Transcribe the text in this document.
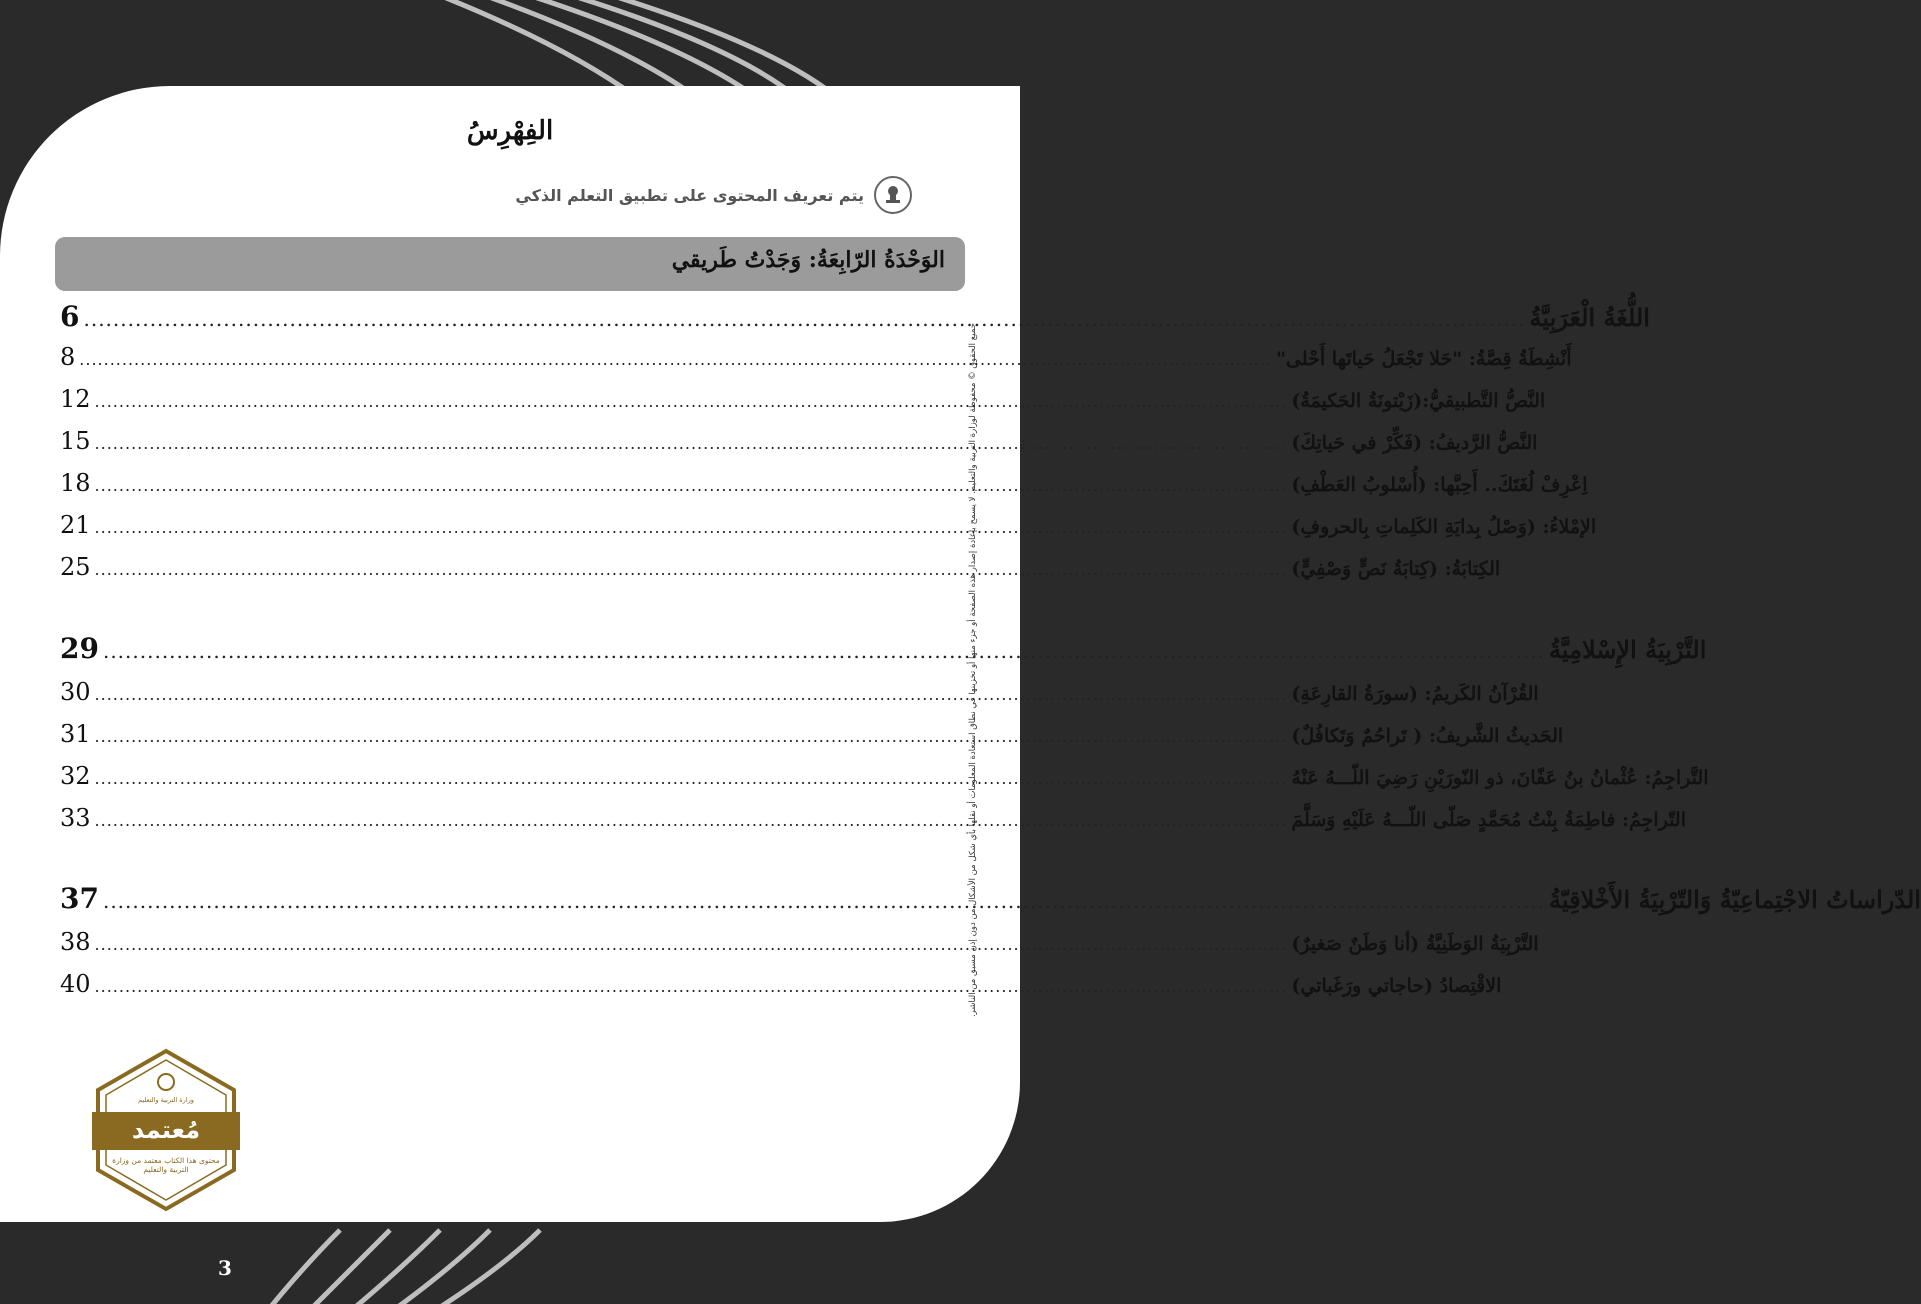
الفِهْرِسُ
يتم تعريف المحتوى على تطبيق التعلم الذكي
الوَحْدَةُ الرّابِعَةُ: وَجَدْتُ طَريقي
6 .................................................................................................................................................................................................... اللُّغَةُ الْعَرَبِيَّةُ
8 .................................................................................................................................................................................................... أَنْشِطَةُ قِصَّةُ: "حَلا تَجْعَلُ حَياتَها أَحْلى"
12 .................................................................................................................................................................................................... النَّصُّ التَّطبيقيُّ:(زَيْتونَةُ الحَكيمَةُ)
15 .................................................................................................................................................................................................... النَّصُّ الرَّديفُ: (فَكِّرْ في حَياتِكَ)
18 .................................................................................................................................................................................................... اِعْرِفْ لُغَتَكَ.. أَحِبَّها: (أُسْلوبُ العَطْفِ)
21 .................................................................................................................................................................................................... الإمْلاءُ: (وَصْلُ بِدايَةِ الكَلِماتِ بِالحروفِ)
25 .................................................................................................................................................................................................... الكِتابَةُ: (كِتابَةُ نَصٍّ وَصْفِيٍّ)
29 .................................................................................................................................................................................................... التَّرْبِيَةُ الإِسْلامِيَّةُ
30 .................................................................................................................................................................................................... القُرْآنُ الكَريمُ: (سورَةُ القارِعَةِ)
31 .................................................................................................................................................................................................... الحَديثُ الشَّريفُ: ( تَراحُمٌ وَتَكافُلٌ)
32 .................................................................................................................................................................................................... التَّراجِمُ: عُثْمانُ بنُ عَفّانَ، ذو النّورَيْنِ رَضِيَ اللّـــهُ عَنْهُ
33 .................................................................................................................................................................................................... التّراجِمُ: فاطِمَةُ بِنْتُ مُحَمَّدٍ صَلّى اللّـــهُ عَلَيْهِ وَسَلَّمَ
37 .................................................................................................................................................................................................... الدّراساتُ الاجْتِماعِيّةُ وَالتّرْبِيَةُ الأَخْلاقِيّةُ
38 .................................................................................................................................................................................................... التَّرْبِيَةُ الوَطَنِيَّةُ (أنا وَطَنٌ صَغيرٌ)
40 .................................................................................................................................................................................................... الاقْتِصادُ (حاجاتي ورَغَباتي)
جميع الحقوق © محفوظة لوزارة التربية والتعليم. لا يسمح بإعادة إصدار هذه الصفحة أو جزء منها أو تخزينها في نطاق استعادة المعلومات أو نقلها بأي شكل من الأشكال من دون إذن مسبق من الناشر.
مُعتمد
وزارة التربية والتعليم
محتوى هذا الكتاب معتمد من وزارة التربية والتعليم
3
